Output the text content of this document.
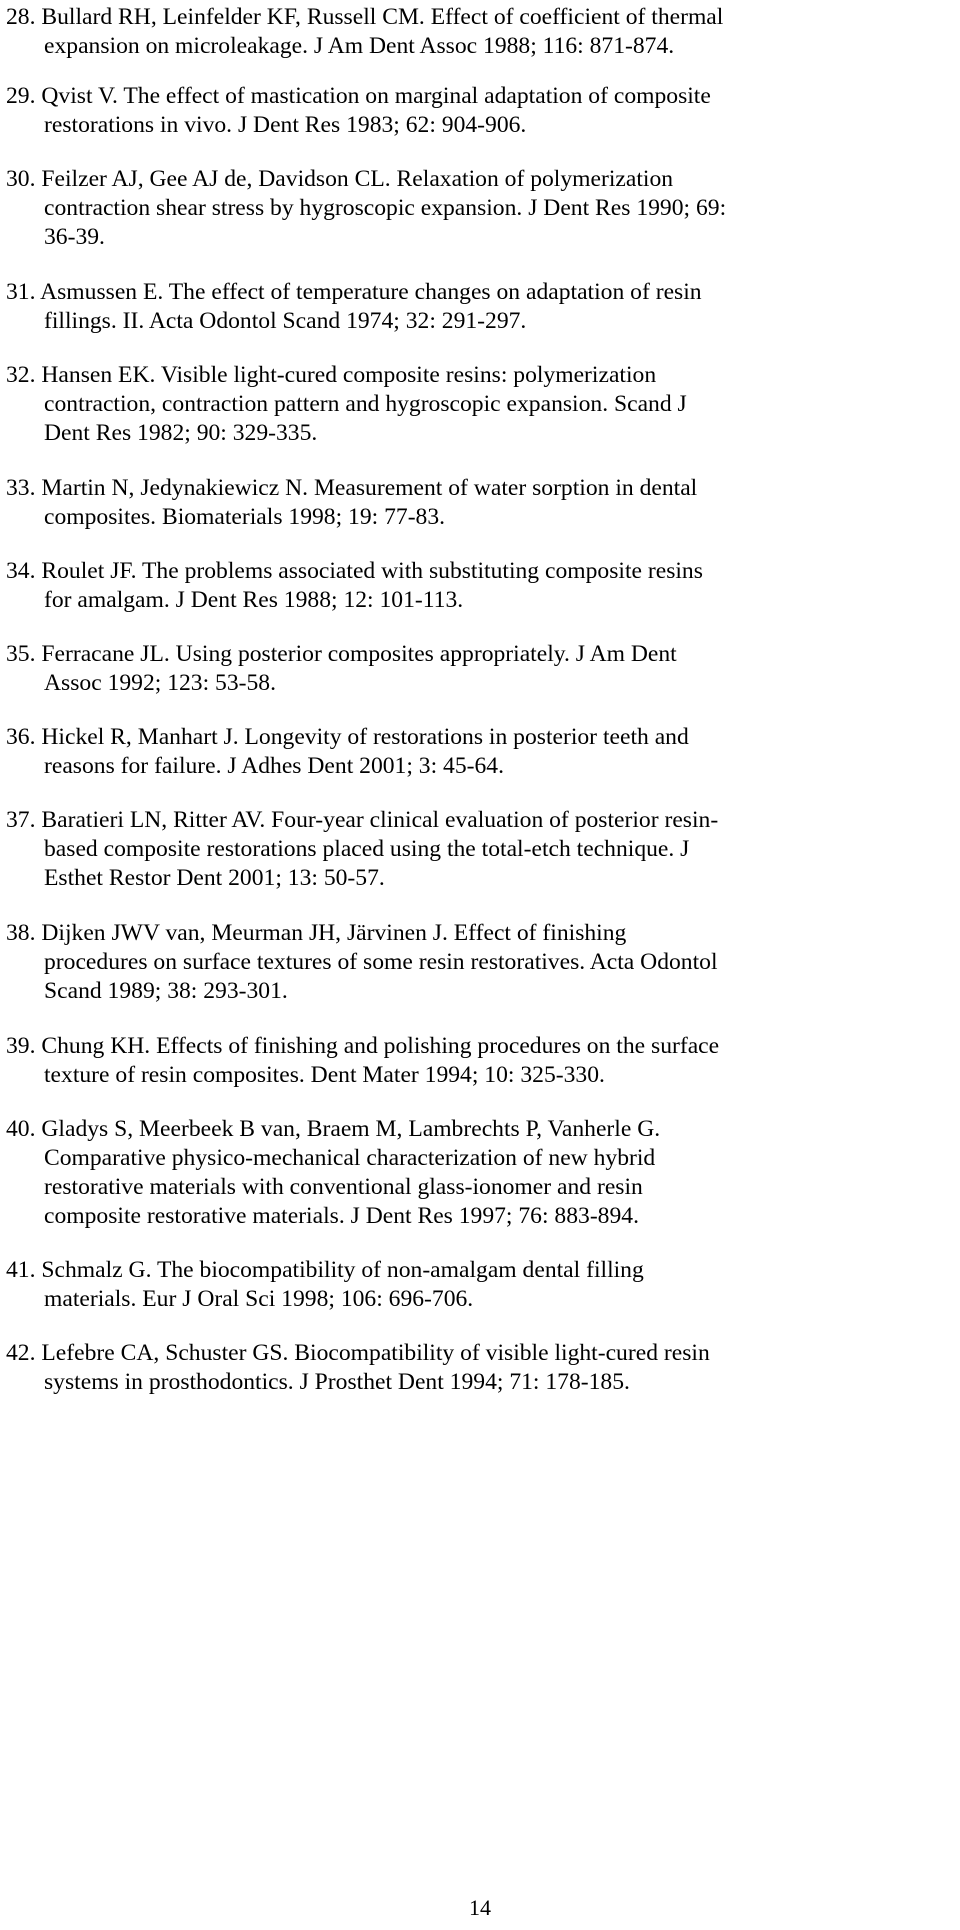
28. Bullard RH, Leinfelder KF, Russell CM. Effect of coefficient of thermal
expansion on microleakage. J Am Dent Assoc 1988; 116: 871-874.
29. Qvist V. The effect of mastication on marginal adaptation of composite
restorations in vivo. J Dent Res 1983; 62: 904-906.
30. Feilzer AJ, Gee AJ de, Davidson CL. Relaxation of polymerization
contraction shear stress by hygroscopic expansion. J Dent Res 1990; 69:
36-39.
31. Asmussen E. The effect of temperature changes on adaptation of resin
fillings. II. Acta Odontol Scand 1974; 32: 291-297.
32. Hansen EK. Visible light-cured composite resins: polymerization
contraction, contraction pattern and hygroscopic expansion. Scand J
Dent Res 1982; 90: 329-335.
33. Martin N, Jedynakiewicz N. Measurement of water sorption in dental
composites. Biomaterials 1998; 19: 77-83.
34. Roulet JF. The problems associated with substituting composite resins
for amalgam. J Dent Res 1988; 12: 101-113.
35. Ferracane JL. Using posterior composites appropriately. J Am Dent
Assoc 1992; 123: 53-58.
36. Hickel R, Manhart J. Longevity of restorations in posterior teeth and
reasons for failure. J Adhes Dent 2001; 3: 45-64.
37. Baratieri LN, Ritter AV. Four-year clinical evaluation of posterior resin-
based composite restorations placed using the total-etch technique. J
Esthet Restor Dent 2001; 13: 50-57.
38. Dijken JWV van, Meurman JH, Järvinen J. Effect of finishing
procedures on surface textures of some resin restoratives. Acta Odontol
Scand 1989; 38: 293-301.
39. Chung KH. Effects of finishing and polishing procedures on the surface
texture of resin composites. Dent Mater 1994; 10: 325-330.
40. Gladys S, Meerbeek B van, Braem M, Lambrechts P, Vanherle G.
Comparative physico-mechanical characterization of new hybrid
restorative materials with conventional glass-ionomer and resin
composite restorative materials. J Dent Res 1997; 76: 883-894.
41. Schmalz G. The biocompatibility of non-amalgam dental filling
materials. Eur J Oral Sci 1998; 106: 696-706.
42. Lefebre CA, Schuster GS. Biocompatibility of visible light-cured resin
systems in prosthodontics. J Prosthet Dent 1994; 71: 178-185.
14
